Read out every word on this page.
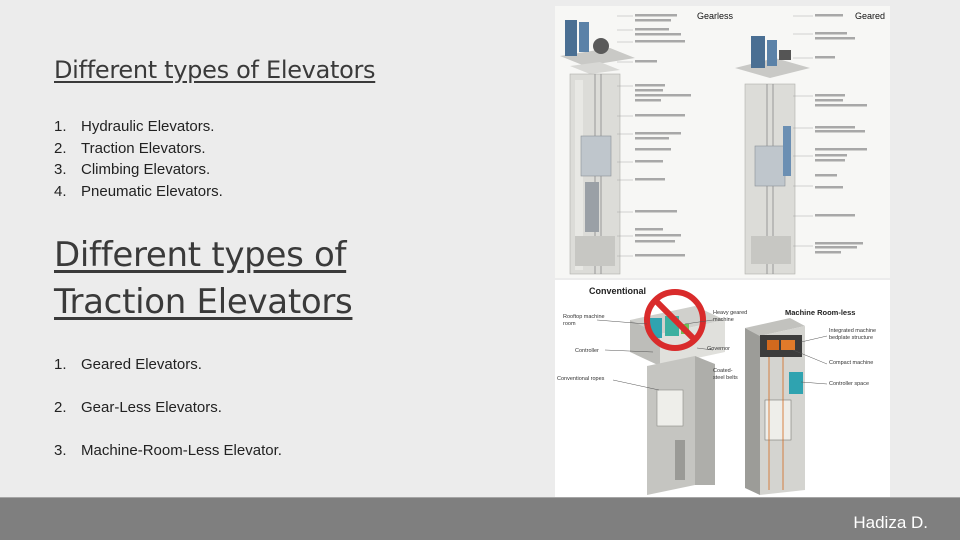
Different types of Elevators
1. Hydraulic Elevators.
2. Traction Elevators.
3. Climbing Elevators.
4. Pneumatic Elevators.
Different types of
Traction Elevators
1. Geared Elevators.
2. Gear-Less Elevators.
3. Machine-Room-Less Elevator.
Gearless	Geared
Conventional
Machine Room-less
Rooftop machine room
Heavy geared machine
Governor
Controller
Conventional ropes
Coated-steel belts
Integrated machine bedplate structure
Compact machine
Controller space
Hadiza D.
